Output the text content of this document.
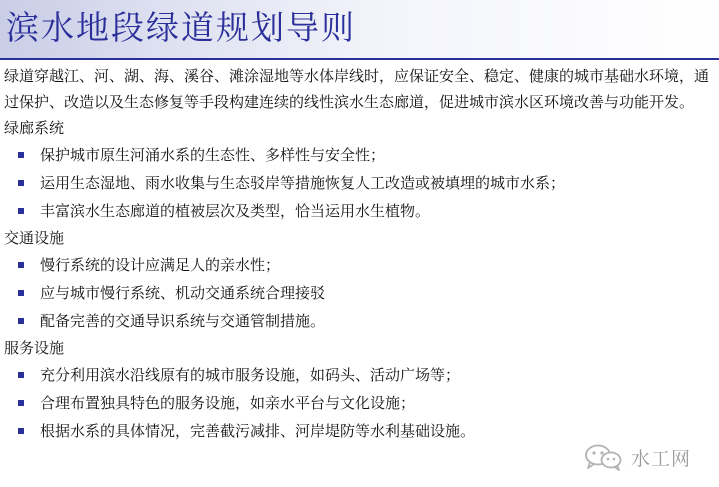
滨水地段绿道规划导则

绿道穿越江、河、湖、海、溪谷、滩涂湿地等水体岸线时，应保证安全、稳定、健康的城市基础水环境，通过保护、改造以及生态修复等手段构建连续的线性滨水生态廊道，促进城市滨水区环境改善与功能开发。

绿廊系统
保护城市原生河涌水系的生态性、多样性与安全性；
运用生态湿地、雨水收集与生态驳岸等措施恢复人工改造或被填埋的城市水系；
丰富滨水生态廊道的植被层次及类型，恰当运用水生植物。
交通设施
慢行系统的设计应满足人的亲水性；
应与城市慢行系统、机动交通系统合理接驳
配备完善的交通导识系统与交通管制措施。
服务设施
充分利用滨水沿线原有的城市服务设施，如码头、活动广场等；
合理布置独具特色的服务设施，如亲水平台与文化设施；
根据水系的具体情况，完善截污减排、河岸堤防等水利基础设施。
水工网
